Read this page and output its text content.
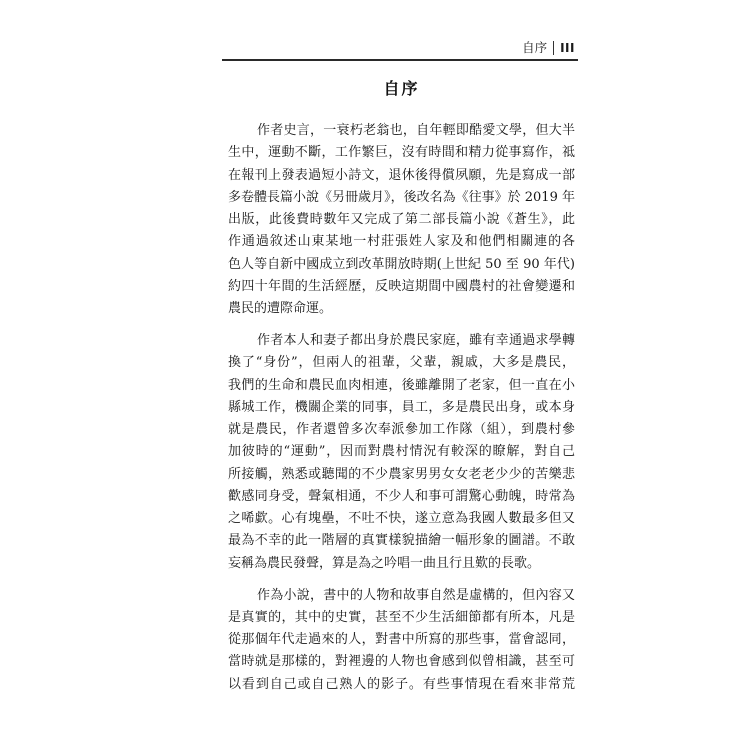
自序 III
自序
作者史言，一衰朽老翁也，自年輕即酷愛文學，但大半
生中，運動不斷，工作繁巨，沒有時間和精力從事寫作，祗
在報刊上發表過短小詩文，退休後得償夙願，先是寫成一部
多卷體長篇小說《另冊歲月》，後改名為《往事》於 2019 年
出版，此後費時數年又完成了第二部長篇小說《蒼生》，此
作通過敘述山東某地一村莊張姓人家及和他們相關連的各
色人等自新中國成立到改革開放時期(上世紀 50 至 90 年代)
約四十年間的生活經歷，反映這期間中國農村的社會變遷和
農民的遭際命運。
作者本人和妻子都出身於農民家庭，雖有幸通過求學轉
換了“身份”，但兩人的祖輩，父輩，親戚，大多是農民，
我們的生命和農民血肉相連，後雖離開了老家，但一直在小
縣城工作，機關企業的同事，員工，多是農民出身，或本身
就是農民，作者還曾多次奉派參加工作隊（組），到農村參
加彼時的“運動”，因而對農村情況有較深的瞭解，對自己
所接觸，熟悉或聽聞的不少農家男男女女老老少少的苦樂悲
歡感同身受，聲氣相通，不少人和事可謂驚心動魄，時常為
之唏歔。心有塊壘，不吐不快，遂立意為我國人數最多但又
最為不幸的此一階層的真實樣貌描繪一幅形象的圖譜。不敢
妄稱為農民發聲，算是為之吟唱一曲且行且歎的長歌。
作為小說，書中的人物和故事自然是虛構的，但內容又
是真實的，其中的史實，甚至不少生活細節都有所本，凡是
從那個年代走過來的人，對書中所寫的那些事，當會認同，
當時就是那樣的，對裡邊的人物也會感到似曾相識，甚至可
以看到自己或自己熟人的影子。有些事情現在看來非常荒
